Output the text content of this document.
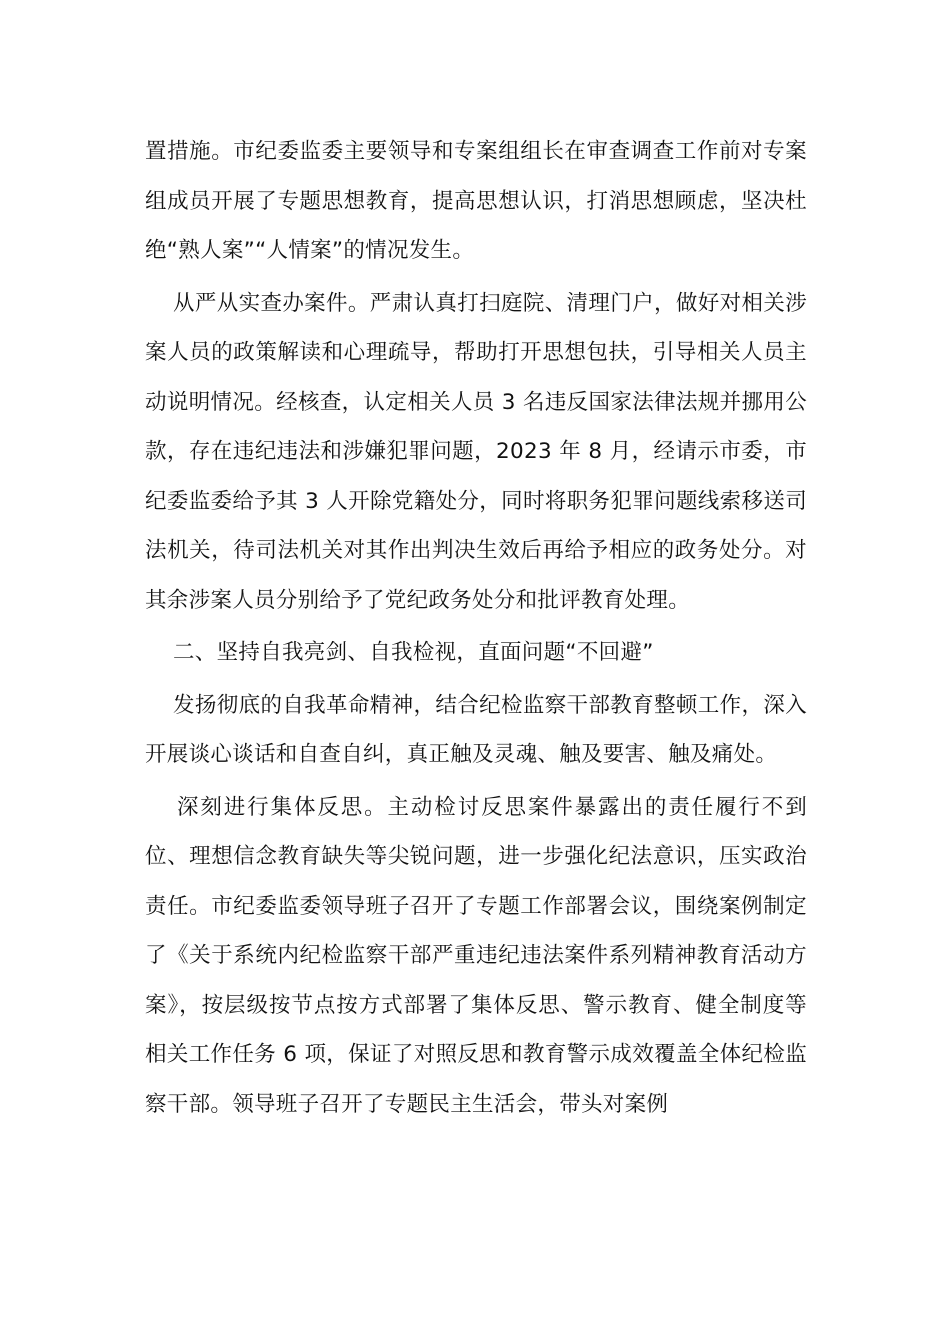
置措施。市纪委监委主要领导和专案组组长在审查调查工作前对专案组成员开展了专题思想教育，提高思想认识，打消思想顾虑，坚决杜绝“熟人案”“人情案”的情况发生。

从严从实查办案件。严肃认真打扫庭院、清理门户，做好对相关涉案人员的政策解读和心理疏导，帮助打开思想包扶，引导相关人员主动说明情况。经核查，认定相关人员 3 名违反国家法律法规并挪用公款，存在违纪违法和涉嫌犯罪问题，2023 年 8 月，经请示市委，市纪委监委给予其 3 人开除党籍处分，同时将职务犯罪问题线索移送司法机关，待司法机关对其作出判决生效后再给予相应的政务处分。对其余涉案人员分别给予了党纪政务处分和批评教育处理。

二、坚持自我亮剑、自我检视，直面问题“不回避”

发扬彻底的自我革命精神，结合纪检监察干部教育整顿工作，深入开展谈心谈话和自查自纠，真正触及灵魂、触及要害、触及痛处。

深刻进行集体反思。主动检讨反思案件暴露出的责任履行不到位、理想信念教育缺失等尖锐问题，进一步强化纪法意识，压实政治责任。市纪委监委领导班子召开了专题工作部署会议，围绕案例制定了《关于系统内纪检监察干部严重违纪违法案件系列精神教育活动方案》，按层级按节点按方式部署了集体反思、警示教育、健全制度等相关工作任务 6 项，保证了对照反思和教育警示成效覆盖全体纪检监察干部。领导班子召开了专题民主生活会，带头对案例
